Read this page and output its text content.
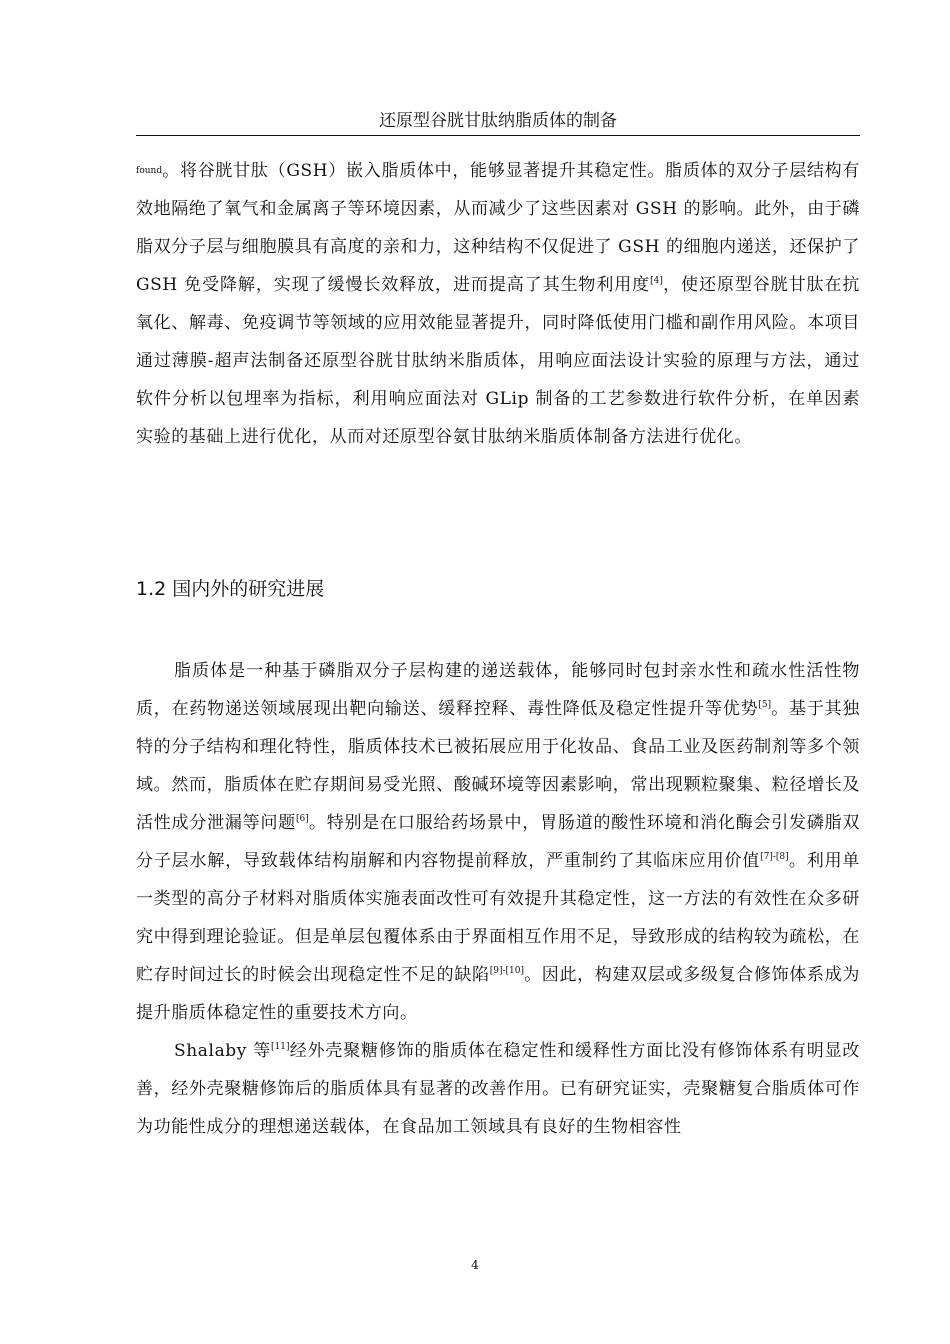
还原型谷胱甘肽纳脂质体的制备

found。将谷胱甘肽（GSH）嵌入脂质体中，能够显著提升其稳定性。脂质体的双分子层结构有效地隔绝了氧气和金属离子等环境因素，从而减少了这些因素对 GSH 的影响。此外，由于磷脂双分子层与细胞膜具有高度的亲和力，这种结构不仅促进了 GSH 的细胞内递送，还保护了 GSH 免受降解，实现了缓慢长效释放，进而提高了其生物利用度[4]，使还原型谷胱甘肽在抗氧化、解毒、免疫调节等领域的应用效能显著提升，同时降低使用门槛和副作用风险。本项目通过薄膜-超声法制备还原型谷胱甘肽纳米脂质体，用响应面法设计实验的原理与方法，通过软件分析以包埋率为指标，利用响应面法对 GLip 制备的工艺参数进行软件分析，在单因素实验的基础上进行优化，从而对还原型谷氨甘肽纳米脂质体制备方法进行优化。

1.2 国内外的研究进展

脂质体是一种基于磷脂双分子层构建的递送载体，能够同时包封亲水性和疏水性活性物质，在药物递送领域展现出靶向输送、缓释控释、毒性降低及稳定性提升等优势[5]。基于其独特的分子结构和理化特性，脂质体技术已被拓展应用于化妆品、食品工业及医药制剂等多个领域。然而，脂质体在贮存期间易受光照、酸碱环境等因素影响，常出现颗粒聚集、粒径增长及活性成分泄漏等问题[6]。特别是在口服给药场景中，胃肠道的酸性环境和消化酶会引发磷脂双分子层水解，导致载体结构崩解和内容物提前释放，严重制约了其临床应用价值[7]-[8]。利用单一类型的高分子材料对脂质体实施表面改性可有效提升其稳定性，这一方法的有效性在众多研究中得到理论验证。但是单层包覆体系由于界面相互作用不足，导致形成的结构较为疏松，在贮存时间过长的时候会出现稳定性不足的缺陷[9]-[10]。因此，构建双层或多级复合修饰体系成为提升脂质体稳定性的重要技术方向。

Shalaby 等[11]经外壳聚糖修饰的脂质体在稳定性和缓释性方面比没有修饰体系有明显改善，经外壳聚糖修饰后的脂质体具有显著的改善作用。已有研究证实，壳聚糖复合脂质体可作为功能性成分的理想递送载体，在食品加工领域具有良好的生物相容性

4
